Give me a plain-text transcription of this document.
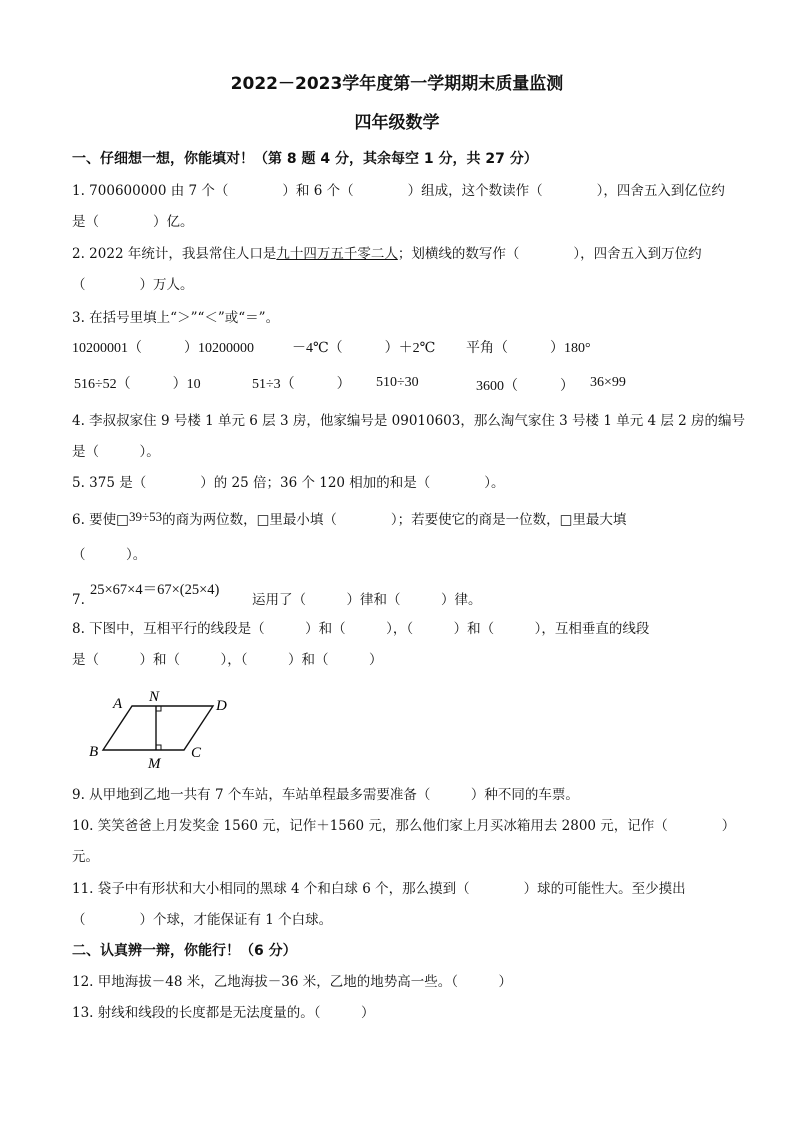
2022－2023学年度第一学期期末质量监测
四年级数学
一、仔细想一想，你能填对！（第 8 题 4 分，其余每空 1 分，共 27 分）
1. 700600000 由 7 个（　　　　）和 6 个（　　　　）组成，这个数读作（　　　　），四舍五入到亿位约
是（　　　　）亿。
2. 2022 年统计，我县常住人口是九十四万五千零二人；划横线的数写作（　　　　），四舍五入到万位约
（　　　　）万人。
3. 在括号里填上“＞”“＜”或“＝”。
10200001（　　　）10200000	－4℃（　　　）＋2℃ 平角（　　　）180°
516÷52（　　　）10	51÷3（　　　） 510÷30	3600（　　　） 36×99
4. 李叔叔家住 9 号楼 1 单元 6 层 3 房，他家编号是 09010603，那么淘气家住 3 号楼 1 单元 4 层 2 房的编号
是（　　　）。
5. 375 是（　　　　）的 25 倍；36 个 120 相加的和是（　　　　）。
6. 要使□39÷53的商为两位数，□里最小填（　　　　）；若要使它的商是一位数，□里最大填
（　　　）。
7.
25×67×4＝67×(25×4)
运用了（　　　）律和（　　　）律。
8. 下图中，互相平行的线段是（　　　）和（　　　），（　　　）和（　　　），互相垂直的线段
是（　　　）和（　　　），（　　　）和（　　　）
A N
D
B
M
C
9. 从甲地到乙地一共有 7 个车站，车站单程最多需要准备（　　　）种不同的车票。
10. 笑笑爸爸上月发奖金 1560 元，记作＋1560 元，那么他们家上月买冰箱用去 2800 元，记作（　　　　）
元。
11. 袋子中有形状和大小相同的黑球 4 个和白球 6 个，那么摸到（　　　　）球的可能性大。至少摸出
（　　　　）个球，才能保证有 1 个白球。
二、认真辨一辩，你能行！（6 分）
12. 甲地海拔－48 米，乙地海拔－36 米，乙地的地势高一些。（　　　）
13. 射线和线段的长度都是无法度量的。（　　　）
